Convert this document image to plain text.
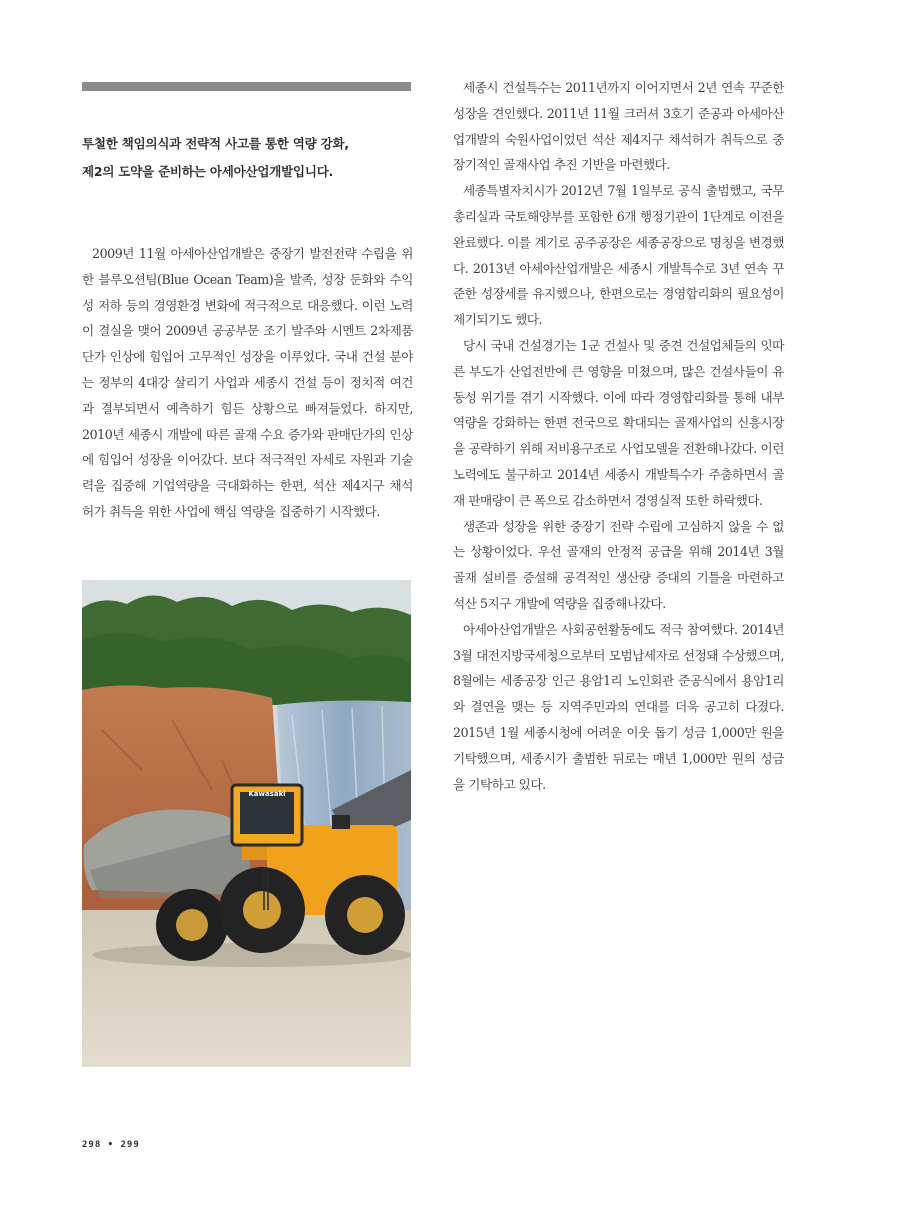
투철한 책임의식과 전략적 사고를 통한 역량 강화,
제2의 도약을 준비하는 아세아산업개발입니다.

2009년 11월 아세아산업개발은 중장기 발전전략 수립을 위한 블루오션팀(Blue Ocean Team)을 발족, 성장 둔화와 수익성 저하 등의 경영환경 변화에 적극적으로 대응했다. 이런 노력이 결실을 맺어 2009년 공공부문 조기 발주와 시멘트 2차제품 단가 인상에 힘입어 고무적인 성장을 이루었다. 국내 건설 분야는 정부의 4대강 살리기 사업과 세종시 건설 등이 정치적 여건과 결부되면서 예측하기 힘든 상황으로 빠져들었다. 하지만, 2010년 세종시 개발에 따른 골재 수요 증가와 판매단가의 인상에 힘입어 성장을 이어갔다. 보다 적극적인 자세로 자원과 기술력을 집중해 기업역량을 극대화하는 한편, 석산 제4지구 채석 허가 취득을 위한 사업에 핵심 역량을 집중하기 시작했다.

Kawasaki

세종시 건설특수는 2011년까지 이어지면서 2년 연속 꾸준한 성장을 견인했다. 2011년 11월 크러셔 3호기 준공과 아세아산업개발의 숙원사업이었던 석산 제4지구 채석허가 취득으로 중장기적인 골재사업 추진 기반을 마련했다.

세종특별자치시가 2012년 7월 1일부로 공식 출범했고, 국무총리실과 국토해양부를 포함한 6개 행정기관이 1단계로 이전을 완료했다. 이를 계기로 공주공장은 세종공장으로 명칭을 변경했다. 2013년 아세아산업개발은 세종시 개발특수로 3년 연속 꾸준한 성장세를 유지했으나, 한편으로는 경영합리화의 필요성이 제기되기도 했다.

당시 국내 건설경기는 1군 건설사 및 중견 건설업체들의 잇따른 부도가 산업전반에 큰 영향을 미쳤으며, 많은 건설사들이 유동성 위기를 겪기 시작했다. 이에 따라 경영합리화를 통해 내부역량을 강화하는 한편 전국으로 확대되는 골재사업의 신흥시장을 공략하기 위해 저비용구조로 사업모델을 전환해나갔다. 이런 노력에도 불구하고 2014년 세종시 개발특수가 주춤하면서 골재 판매량이 큰 폭으로 감소하면서 경영실적 또한 하락했다.

생존과 성장을 위한 중장기 전략 수립에 고심하지 않을 수 없는 상황이었다. 우선 골재의 안정적 공급을 위해 2014년 3월 골재 설비를 증설해 공격적인 생산량 증대의 기틀을 마련하고 석산 5지구 개발에 역량을 집중해나갔다.

아세아산업개발은 사회공헌활동에도 적극 참여했다. 2014년 3월 대전지방국세청으로부터 모범납세자로 선정돼 수상했으며, 8월에는 세종공장 인근 용암1리 노인회관 준공식에서 용암1리와 결연을 맺는 등 지역주민과의 연대를 더욱 공고히 다졌다. 2015년 1월 세종시청에 어려운 이웃 돕기 성금 1,000만 원을 기탁했으며, 세종시가 출범한 뒤로는 매년 1,000만 원의 성금을 기탁하고 있다.

298 • 299
